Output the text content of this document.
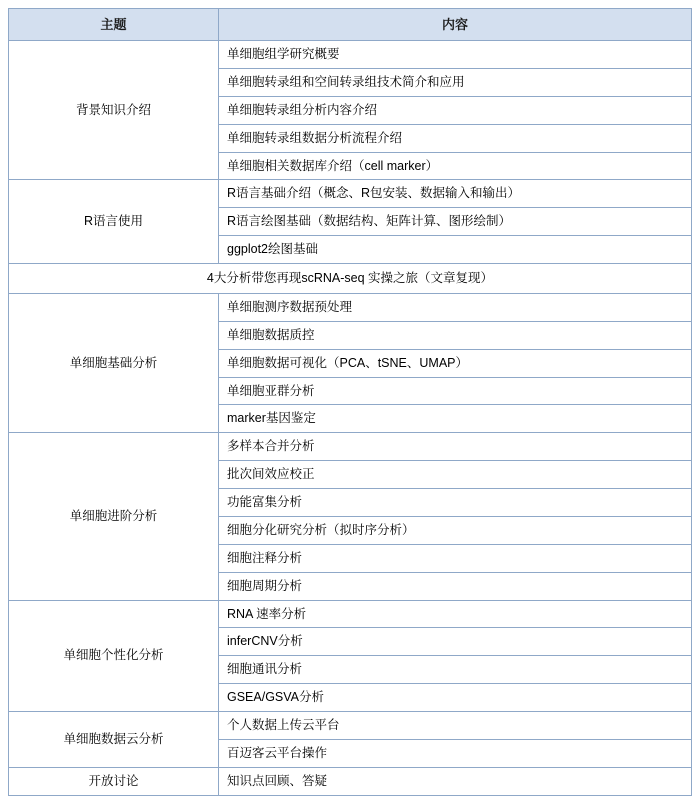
主题	内容
背景知识介绍	单细胞组学研究概要
	单细胞转录组和空间转录组技术简介和应用
	单细胞转录组分析内容介绍
	单细胞转录组数据分析流程介绍
	单细胞相关数据库介绍（cell marker）
R语言使用	R语言基础介绍（概念、R包安装、数据输入和输出）
	R语言绘图基础（数据结构、矩阵计算、图形绘制）
	ggplot2绘图基础
4大分析带您再现scRNA-seq 实操之旅（文章复现）	
单细胞基础分析	单细胞测序数据预处理
	单细胞数据质控
	单细胞数据可视化（PCA、tSNE、UMAP）
	单细胞亚群分析
	marker基因鉴定
单细胞进阶分析	多样本合并分析
	批次间效应校正
	功能富集分析
	细胞分化研究分析（拟时序分析）
	细胞注释分析
	细胞周期分析
单细胞个性化分析	RNA 速率分析
	inferCNV分析
	细胞通讯分析
	GSEA/GSVA分析
单细胞数据云分析	个人数据上传云平台
	百迈客云平台操作
开放讨论	知识点回顾、答疑
